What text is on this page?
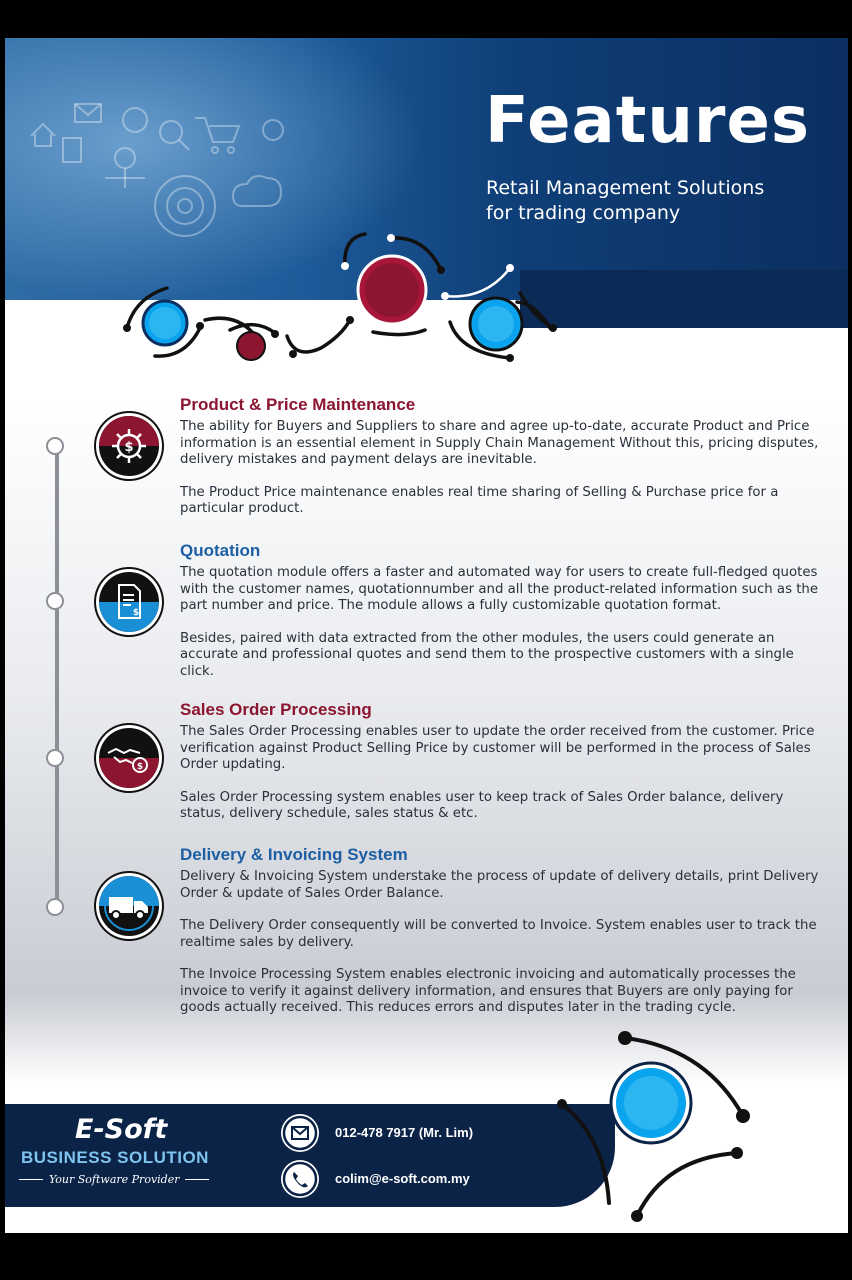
Features
Retail Management Solutions
for trading company
$
$
$
Product & Price Maintenance

The ability for Buyers and Suppliers to share and agree up-to-date, accurate Product and Price information is an essential element in Supply Chain Management Without this, pricing disputes, delivery mistakes and payment delays are inevitable.

The Product Price maintenance enables real time sharing of Selling & Purchase price for a particular product.

Quotation

The quotation module offers a faster and automated way for users to create full-fledged quotes with the customer names, quotationnumber and all the product-related information such as the part number and price. The module allows a fully customizable quotation format.

Besides, paired with data extracted from the other modules, the users could generate an accurate and professional quotes and send them to the prospective customers with a single click.

Sales Order Processing

The Sales Order Processing enables user to update the order received from the customer. Price verification against Product Selling Price by customer will be performed in the process of Sales Order updating.

Sales Order Processing system enables user to keep track of Sales Order balance, delivery status, delivery schedule, sales status & etc.

Delivery & Invoicing System

Delivery & Invoicing System understake the process of update of delivery details, print Delivery Order & update of Sales Order Balance.

The Delivery Order consequently will be converted to Invoice. System enables user to track the realtime sales by delivery.

The Invoice Processing System enables electronic invoicing and automatically processes the invoice to verify it against delivery information, and ensures that Buyers are only paying for goods actually received. This reduces errors and disputes later in the trading cycle.

E-Soft
BUSINESS SOLUTION
Your Software Provider
012-478 7917 (Mr. Lim)
colim@e-soft.com.my
